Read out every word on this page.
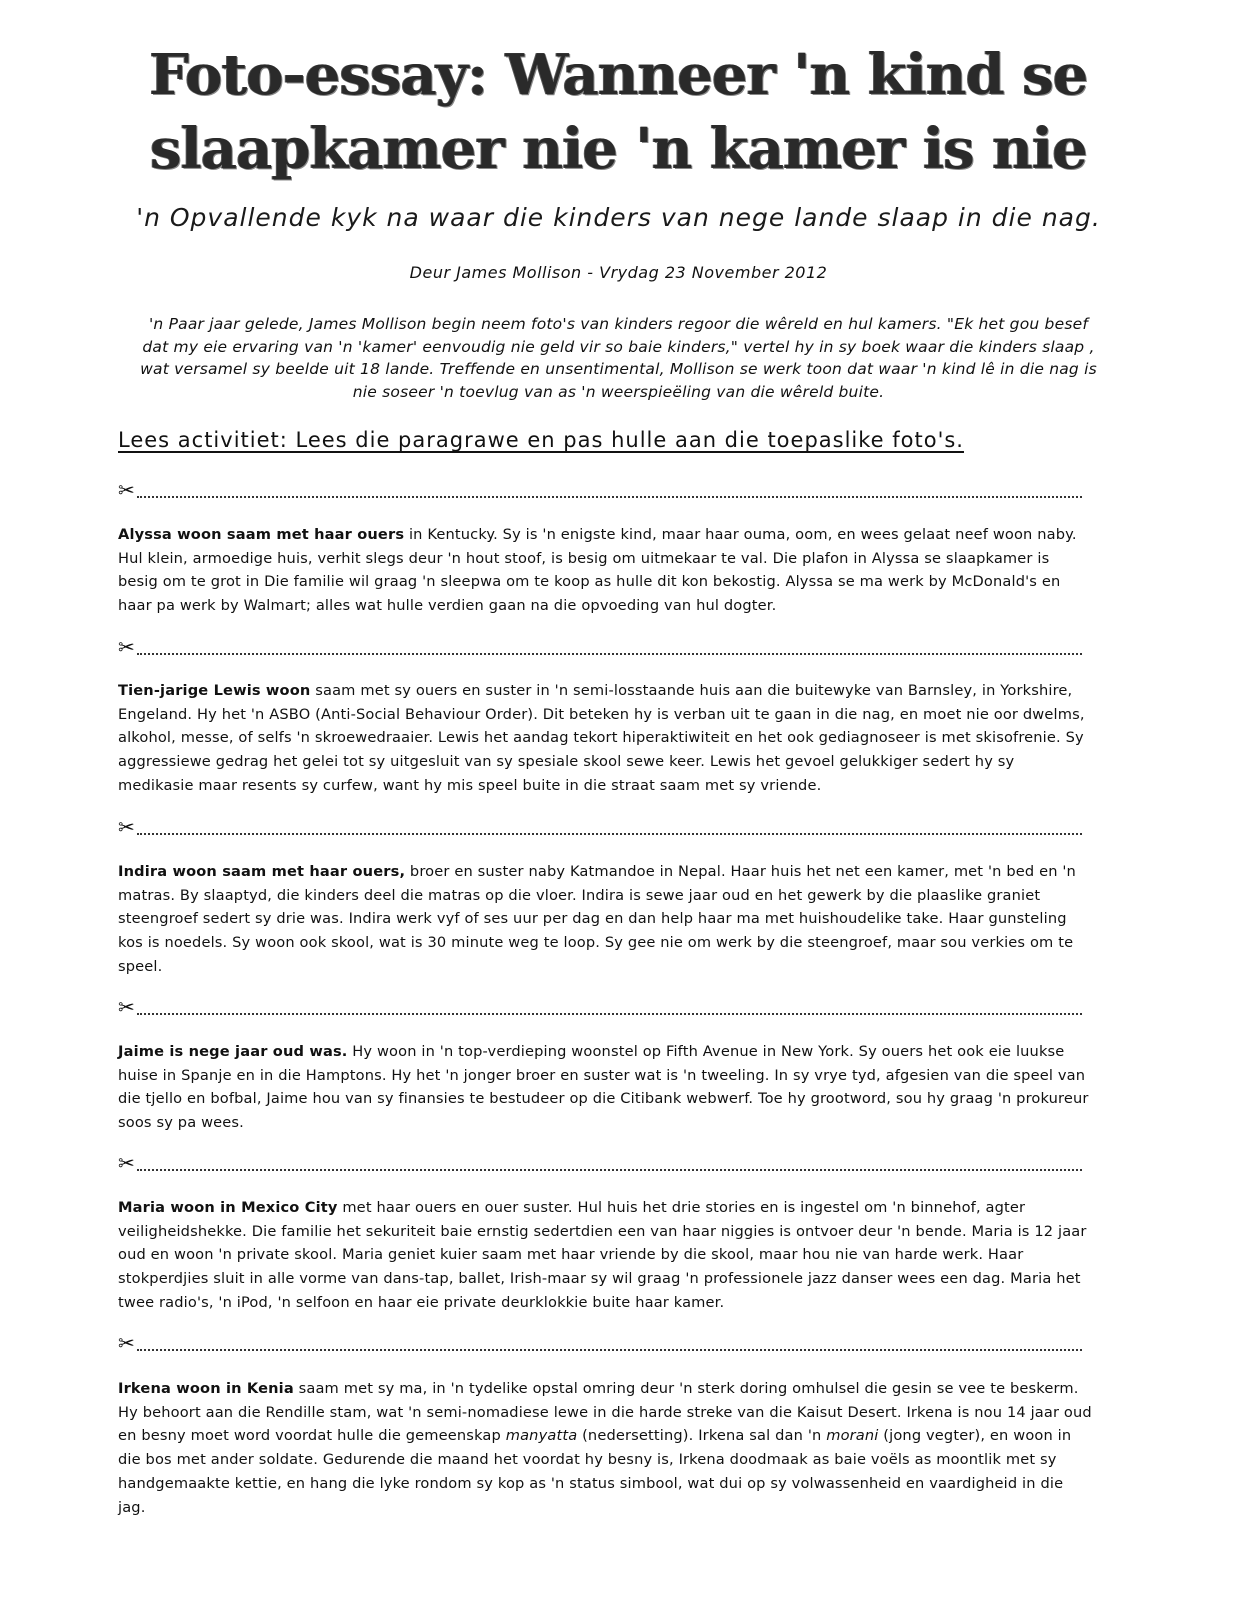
Foto-essay: Wanneer 'n kind se
slaapkamer nie 'n kamer is nie
'n Opvallende kyk na waar die kinders van nege lande slaap in die nag.
Deur James Mollison - Vrydag 23 November 2012
'n Paar jaar gelede, James Mollison begin neem foto's van kinders regoor die wêreld en hul kamers. "Ek het gou besef dat my eie ervaring van 'n 'kamer' eenvoudig nie geld vir so baie kinders," vertel hy in sy boek waar die kinders slaap , wat versamel sy beelde uit 18 lande. Treffende en unsentimental, Mollison se werk toon dat waar 'n kind lê in die nag is nie soseer 'n toevlug van as 'n weerspieëling van die wêreld buite.
Lees activitiet: Lees die paragrawe en pas hulle aan die toepaslike foto's.
✂
Alyssa woon saam met haar ouers in Kentucky. Sy is 'n enigste kind, maar haar ouma, oom, en wees gelaat neef woon naby. Hul klein, armoedige huis, verhit slegs deur 'n hout stoof, is besig om uitmekaar te val. Die plafon in Alyssa se slaapkamer is besig om te grot in Die familie wil graag 'n sleepwa om te koop as hulle dit kon bekostig. Alyssa se ma werk by McDonald's en haar pa werk by Walmart; alles wat hulle verdien gaan na die opvoeding van hul dogter.
✂
Tien-jarige Lewis woon saam met sy ouers en suster in 'n semi-losstaande huis aan die buitewyke van Barnsley, in Yorkshire, Engeland. Hy het 'n ASBO (Anti-Social Behaviour Order). Dit beteken hy is verban uit te gaan in die nag, en moet nie oor dwelms, alkohol, messe, of selfs 'n skroewedraaier. Lewis het aandag tekort hiperaktiwiteit en het ook gediagnoseer is met skisofrenie. Sy aggressiewe gedrag het gelei tot sy uitgesluit van sy spesiale skool sewe keer. Lewis het gevoel gelukkiger sedert hy sy medikasie maar resents sy curfew, want hy mis speel buite in die straat saam met sy vriende.
✂
Indira woon saam met haar ouers, broer en suster naby Katmandoe in Nepal. Haar huis het net een kamer, met 'n bed en 'n matras. By slaaptyd, die kinders deel die matras op die vloer. Indira is sewe jaar oud en het gewerk by die plaaslike graniet steengroef sedert sy drie was. Indira werk vyf of ses uur per dag en dan help haar ma met huishoudelike take. Haar gunsteling kos is noedels. Sy woon ook skool, wat is 30 minute weg te loop. Sy gee nie om werk by die steengroef, maar sou verkies om te speel.
✂
Jaime is nege jaar oud was. Hy woon in 'n top-verdieping woonstel op Fifth Avenue in New York. Sy ouers het ook eie luukse huise in Spanje en in die Hamptons. Hy het 'n jonger broer en suster wat is 'n tweeling. In sy vrye tyd, afgesien van die speel van die tjello en bofbal, Jaime hou van sy finansies te bestudeer op die Citibank webwerf. Toe hy grootword, sou hy graag 'n prokureur soos sy pa wees.
✂
Maria woon in Mexico City met haar ouers en ouer suster. Hul huis het drie stories en is ingestel om 'n binnehof, agter veiligheidshekke. Die familie het sekuriteit baie ernstig sedertdien een van haar niggies is ontvoer deur 'n bende. Maria is 12 jaar oud en woon 'n private skool. Maria geniet kuier saam met haar vriende by die skool, maar hou nie van harde werk. Haar stokperdjies sluit in alle vorme van dans-tap, ballet, Irish-maar sy wil graag 'n professionele jazz danser wees een dag. Maria het twee radio's, 'n iPod, 'n selfoon en haar eie private deurklokkie buite haar kamer.
✂
Irkena woon in Kenia saam met sy ma, in 'n tydelike opstal omring deur 'n sterk doring omhulsel die gesin se vee te beskerm. Hy behoort aan die Rendille stam, wat 'n semi-nomadiese lewe in die harde streke van die Kaisut Desert. Irkena is nou 14 jaar oud en besny moet word voordat hulle die gemeenskap manyatta (nedersetting). Irkena sal dan 'n morani (jong vegter), en woon in die bos met ander soldate. Gedurende die maand het voordat hy besny is, Irkena doodmaak as baie voëls as moontlik met sy handgemaakte kettie, en hang die lyke rondom sy kop as 'n status simbool, wat dui op sy volwassenheid en vaardigheid in die jag.
